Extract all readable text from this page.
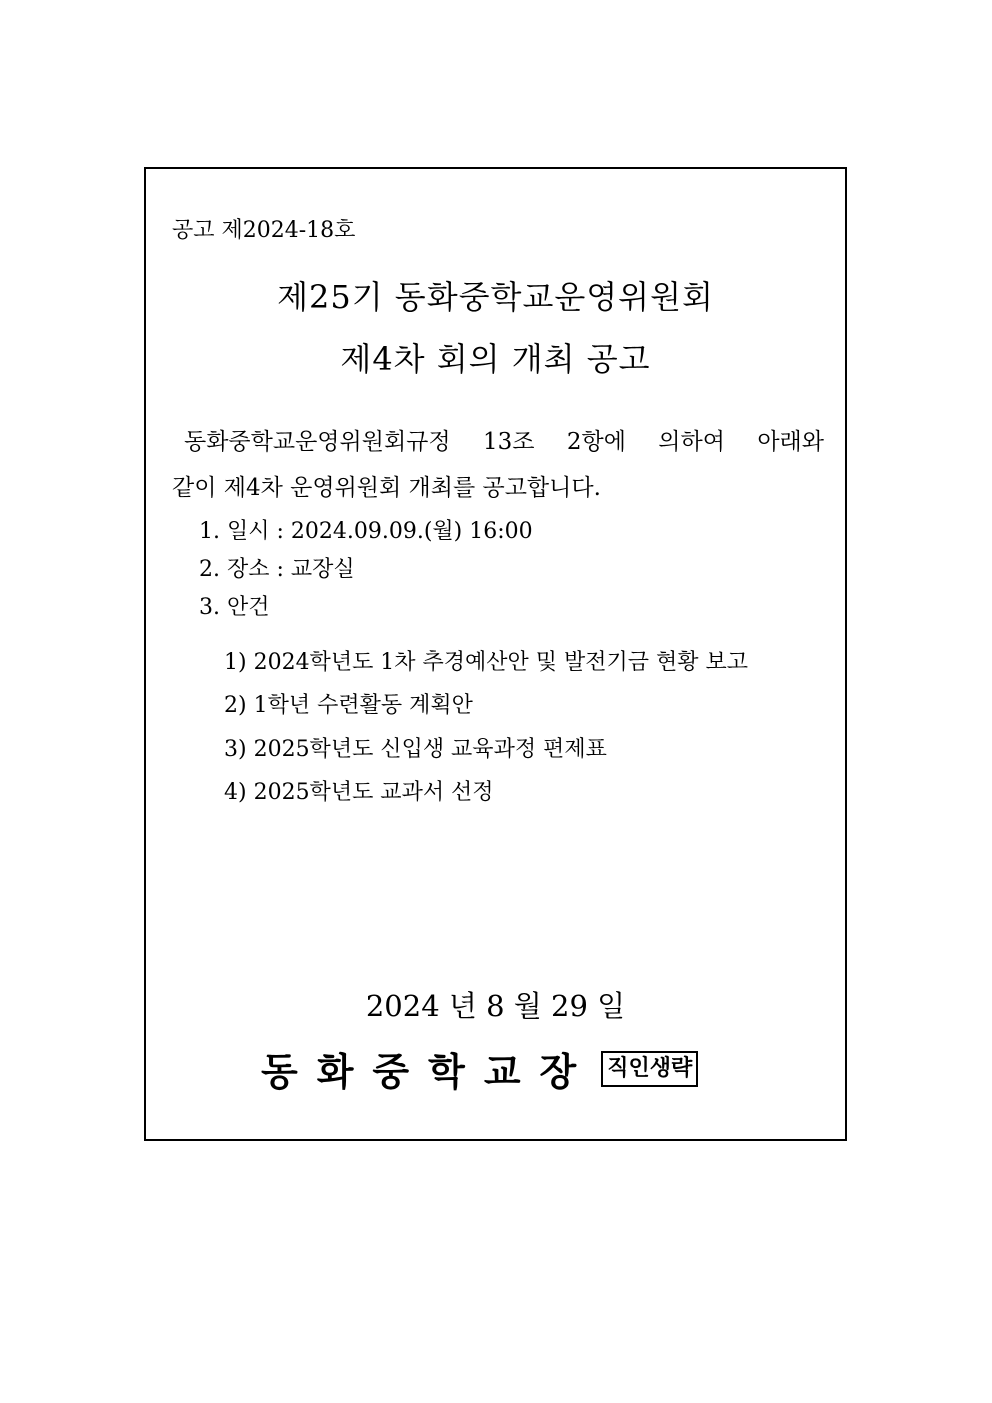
공고 제2024-18호
제25기 동화중학교운영위원회
제4차 회의 개최 공고
동화중학교운영위원회규정 13조 2항에 의하여 아래와
같이 제4차 운영위원회 개최를 공고합니다.
1. 일시 : 2024.09.09.(월) 16:00
2. 장소 : 교장실
3. 안건
1) 2024학년도 1차 추경예산안 및 발전기금 현황 보고
2) 1학년 수련활동 계획안
3) 2025학년도 신입생 교육과정 편제표
4) 2025학년도 교과서 선정
2024 년 8 월 29 일
동화중학교장 직인생략
